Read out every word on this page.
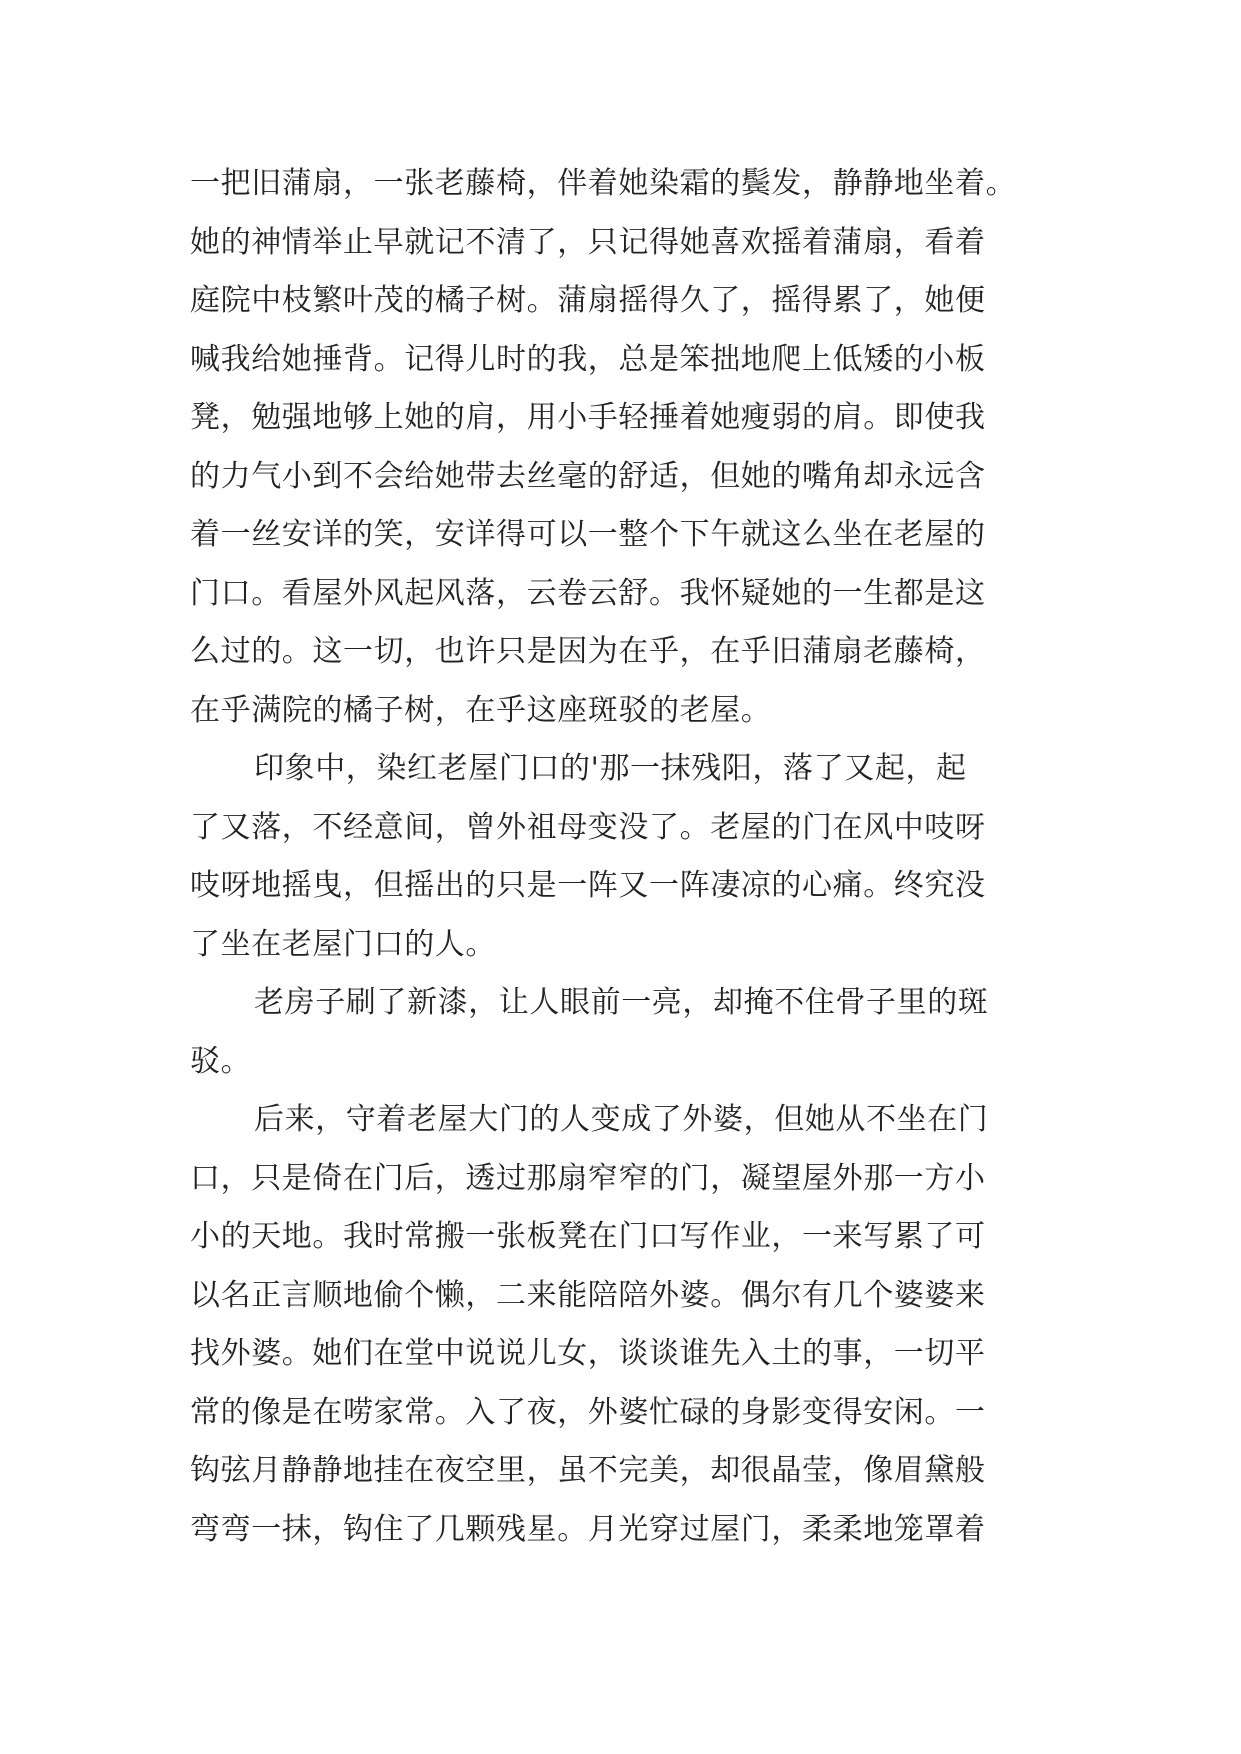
一把旧蒲扇，一张老藤椅，伴着她染霜的鬓发，静静地坐着。
她的神情举止早就记不清了，只记得她喜欢摇着蒲扇，看着
庭院中枝繁叶茂的橘子树。蒲扇摇得久了，摇得累了，她便
喊我给她捶背。记得儿时的我，总是笨拙地爬上低矮的小板
凳，勉强地够上她的肩，用小手轻捶着她瘦弱的肩。即使我
的力气小到不会给她带去丝毫的舒适，但她的嘴角却永远含
着一丝安详的笑，安详得可以一整个下午就这么坐在老屋的
门口。看屋外风起风落，云卷云舒。我怀疑她的一生都是这
么过的。这一切，也许只是因为在乎，在乎旧蒲扇老藤椅，
在乎满院的橘子树，在乎这座斑驳的老屋。
印象中，染红老屋门口的'那一抹残阳，落了又起，起
了又落，不经意间，曾外祖母变没了。老屋的门在风中吱呀
吱呀地摇曳，但摇出的只是一阵又一阵凄凉的心痛。终究没
了坐在老屋门口的人。
老房子刷了新漆，让人眼前一亮，却掩不住骨子里的斑
驳。
后来，守着老屋大门的人变成了外婆，但她从不坐在门
口，只是倚在门后，透过那扇窄窄的门，凝望屋外那一方小
小的天地。我时常搬一张板凳在门口写作业，一来写累了可
以名正言顺地偷个懒，二来能陪陪外婆。偶尔有几个婆婆来
找外婆。她们在堂中说说儿女，谈谈谁先入土的事，一切平
常的像是在唠家常。入了夜，外婆忙碌的身影变得安闲。一
钩弦月静静地挂在夜空里，虽不完美，却很晶莹，像眉黛般
弯弯一抹，钩住了几颗残星。月光穿过屋门，柔柔地笼罩着
